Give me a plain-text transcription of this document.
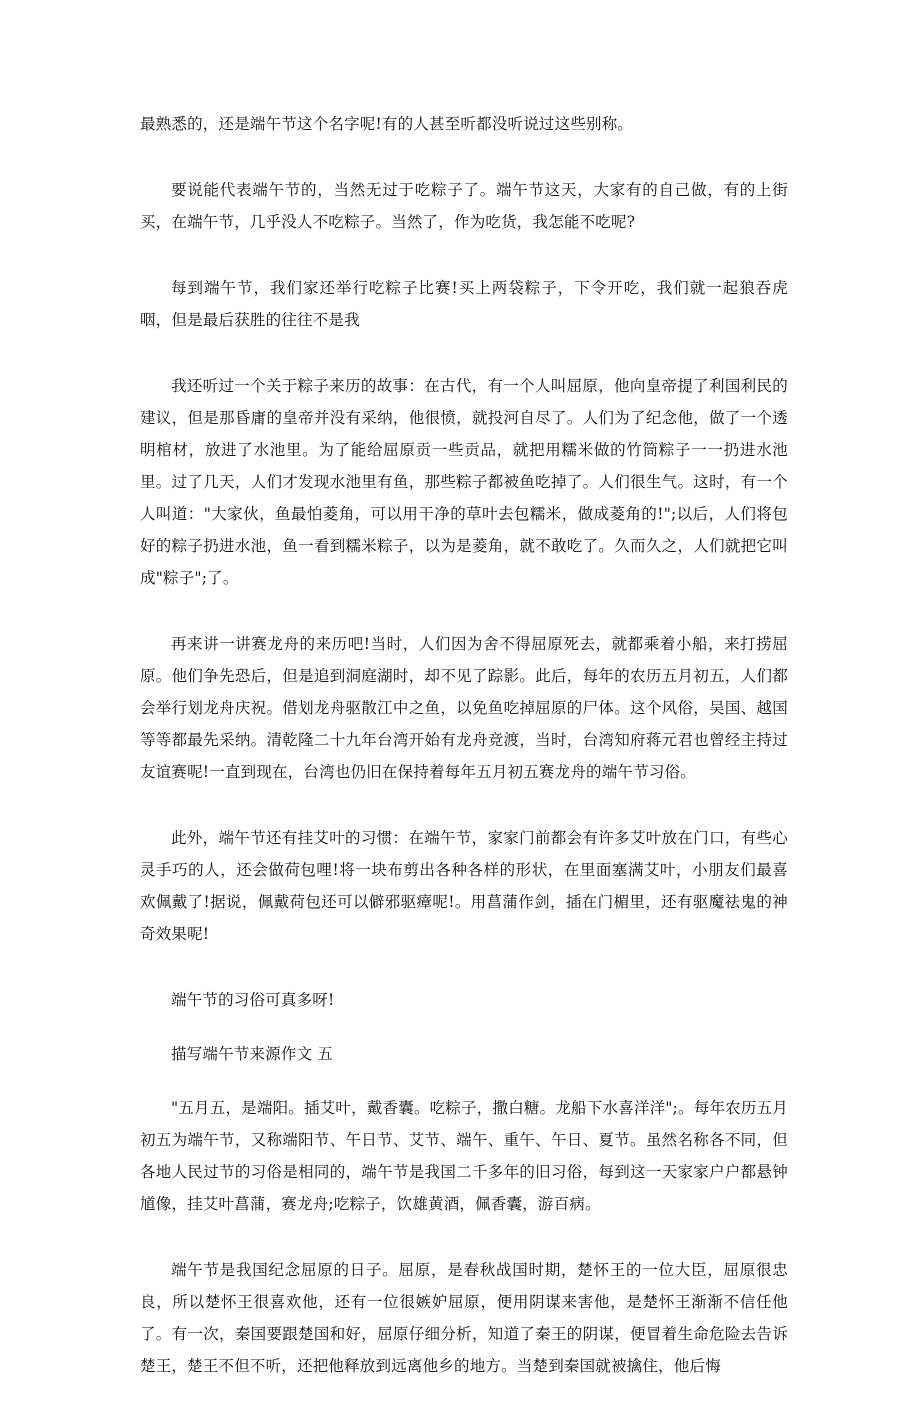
最熟悉的，还是端午节这个名字呢!有的人甚至听都没听说过这些别称。

要说能代表端午节的，当然无过于吃粽子了。端午节这天，大家有的自己做，有的上街买，在端午节，几乎没人不吃粽子。当然了，作为吃货，我怎能不吃呢?

每到端午节，我们家还举行吃粽子比赛!买上两袋粽子，下令开吃，我们就一起狼吞虎咽，但是最后获胜的往往不是我

我还听过一个关于粽子来历的故事：在古代，有一个人叫屈原，他向皇帝提了利国利民的建议，但是那昏庸的皇帝并没有采纳，他很愤，就投河自尽了。人们为了纪念他，做了一个透明棺材，放进了水池里。为了能给屈原贡一些贡品，就把用糯米做的竹筒粽子一一扔进水池里。过了几天，人们才发现水池里有鱼，那些粽子都被鱼吃掉了。人们很生气。这时，有一个人叫道："大家伙，鱼最怕菱角，可以用干净的草叶去包糯米，做成菱角的!";以后，人们将包好的粽子扔进水池，鱼一看到糯米粽子，以为是菱角，就不敢吃了。久而久之，人们就把它叫成"粽子";了。

再来讲一讲赛龙舟的来历吧!当时，人们因为舍不得屈原死去，就都乘着小船，来打捞屈原。他们争先恐后，但是追到洞庭湖时，却不见了踪影。此后，每年的农历五月初五，人们都会举行划龙舟庆祝。借划龙舟驱散江中之鱼，以免鱼吃掉屈原的尸体。这个风俗，吴国、越国等等都最先采纳。清乾隆二十九年台湾开始有龙舟竞渡，当时，台湾知府蒋元君也曾经主持过友谊赛呢!一直到现在，台湾也仍旧在保持着每年五月初五赛龙舟的端午节习俗。

此外，端午节还有挂艾叶的习惯：在端午节，家家门前都会有许多艾叶放在门口，有些心灵手巧的人，还会做荷包哩!将一块布剪出各种各样的形状，在里面塞满艾叶，小朋友们最喜欢佩戴了!据说，佩戴荷包还可以僻邪驱瘴呢!。用菖蒲作剑，插在门楣里，还有驱魔祛鬼的神奇效果呢!

端午节的习俗可真多呀!

描写端午节来源作文 五

"五月五，是端阳。插艾叶，戴香囊。吃粽子，撒白糖。龙船下水喜洋洋";。每年农历五月初五为端午节，又称端阳节、午日节、艾节、端午、重午、午日、夏节。虽然名称各不同，但各地人民过节的习俗是相同的，端午节是我国二千多年的旧习俗，每到这一天家家户户都悬钟馗像，挂艾叶菖蒲，赛龙舟;吃粽子，饮雄黄酒，佩香囊，游百病。

端午节是我国纪念屈原的日子。屈原，是春秋战国时期，楚怀王的一位大臣，屈原很忠良，所以楚怀王很喜欢他，还有一位很嫉妒屈原，便用阴谋来害他，是楚怀王渐渐不信任他了。有一次，秦国要跟楚国和好，屈原仔细分析，知道了秦王的阴谋，便冒着生命危险去告诉楚王，楚王不但不听，还把他释放到远离他乡的地方。当楚到秦国就被擒住，他后悔
